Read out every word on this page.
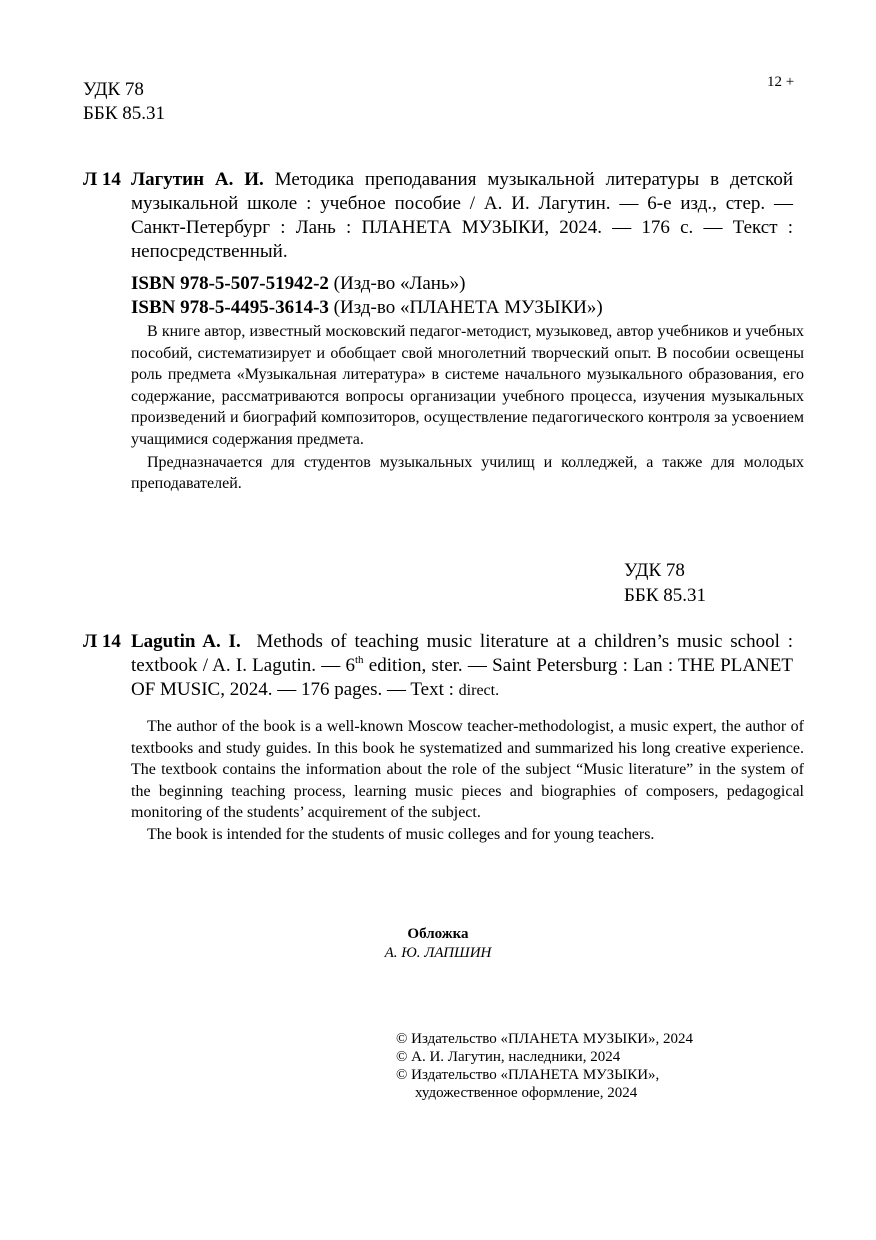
УДК 78
ББК 85.31
12 +
Л 14 Лагутин А. И. Методика преподавания музыкальной литературы в детской музыкальной школе : учебное пособие / А. И. Лагутин. — 6-е изд., стер. — Санкт-Петербург : Лань : ПЛАНЕТА МУЗЫКИ, 2024. — 176 с. — Текст : непосредственный.
ISBN 978-5-507-51942-2 (Изд-во «Лань»)
ISBN 978-5-4495-3614-3 (Изд-во «ПЛАНЕТА МУЗЫКИ»)

В книге автор, известный московский педагог-методист, музыковед, автор учебников и учебных пособий, систематизирует и обобщает свой многолетний творческий опыт. В пособии освещены роль предмета «Музыкальная литература» в системе начального музыкального образования, его содержание, рассматриваются вопросы организации учебного процесса, изучения музыкальных произведений и биографий композиторов, осуществление педагогического контроля за усвоением учащимися содержания предмета.

Предназначается для студентов музыкальных училищ и колледжей, а также для молодых преподавателей.

УДК 78
ББК 85.31
Л 14 Lagutin A. I. Methods of teaching music literature at a children’s music school : textbook / A. I. Lagutin. — 6th edition, ster. — Saint Petersburg : Lan : THE PLANET OF MUSIC, 2024. — 176 pages. — Text : direct.

The author of the book is a well-known Moscow teacher-methodologist, a music expert, the author of textbooks and study guides. In this book he systematized and summarized his long creative experience. The textbook contains the information about the role of the subject “Music literature” in the system of the beginning teaching process, learning music pieces and biographies of composers, pedagogical monitoring of the students’ acquirement of the subject.

The book is intended for the students of music colleges and for young teachers.

Обложка
А. Ю. ЛАПШИН
© Издательство «ПЛАНЕТА МУЗЫКИ», 2024
© А. И. Лагутин, наследники, 2024
© Издательство «ПЛАНЕТА МУЗЫКИ»,
художественное оформление, 2024
